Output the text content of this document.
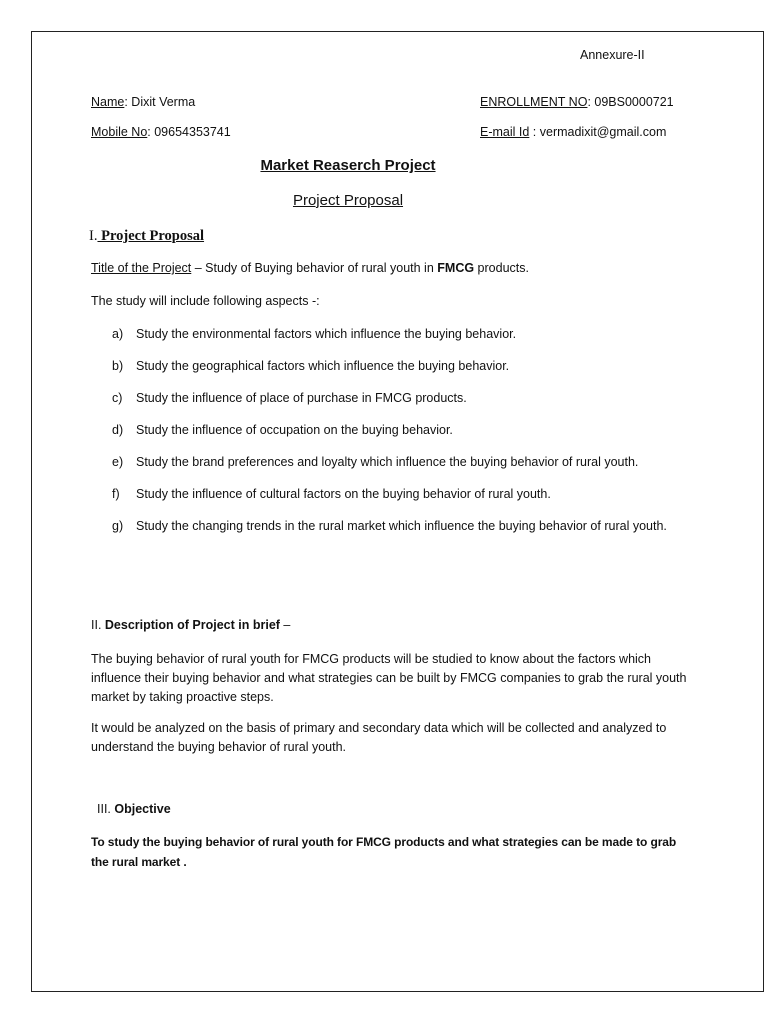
Annexure-II
Name: Dixit Verma	ENROLLMENT NO: 09BS0000721
Mobile No: 09654353741	E-mail Id : vermadixit@gmail.com
Market Reaserch Project
Project Proposal
I. Project Proposal
Title of the Project – Study of Buying behavior of rural youth in FMCG products.
The study will include following aspects -:
a) Study the environmental factors which influence the buying behavior.
b) Study the geographical factors which influence the buying behavior.
c) Study the influence of place of purchase in FMCG products.
d) Study the influence of occupation on the buying behavior.
e) Study the brand preferences and loyalty which influence the buying behavior of rural youth.
f) Study the influence of cultural factors on the buying behavior of rural youth.
g) Study the changing trends in the rural market which influence the buying behavior of rural youth.
II. Description of Project in brief –
The buying behavior of rural youth for FMCG products will be studied to know about the factors which influence their buying behavior and what strategies can be built by FMCG companies to grab the rural youth market by taking proactive steps.
It would be analyzed on the basis of primary and secondary data which will be collected and analyzed to understand the buying behavior of rural youth.
III. Objective
To study the buying behavior of rural youth for FMCG products and what strategies can be made to grab the rural market .
